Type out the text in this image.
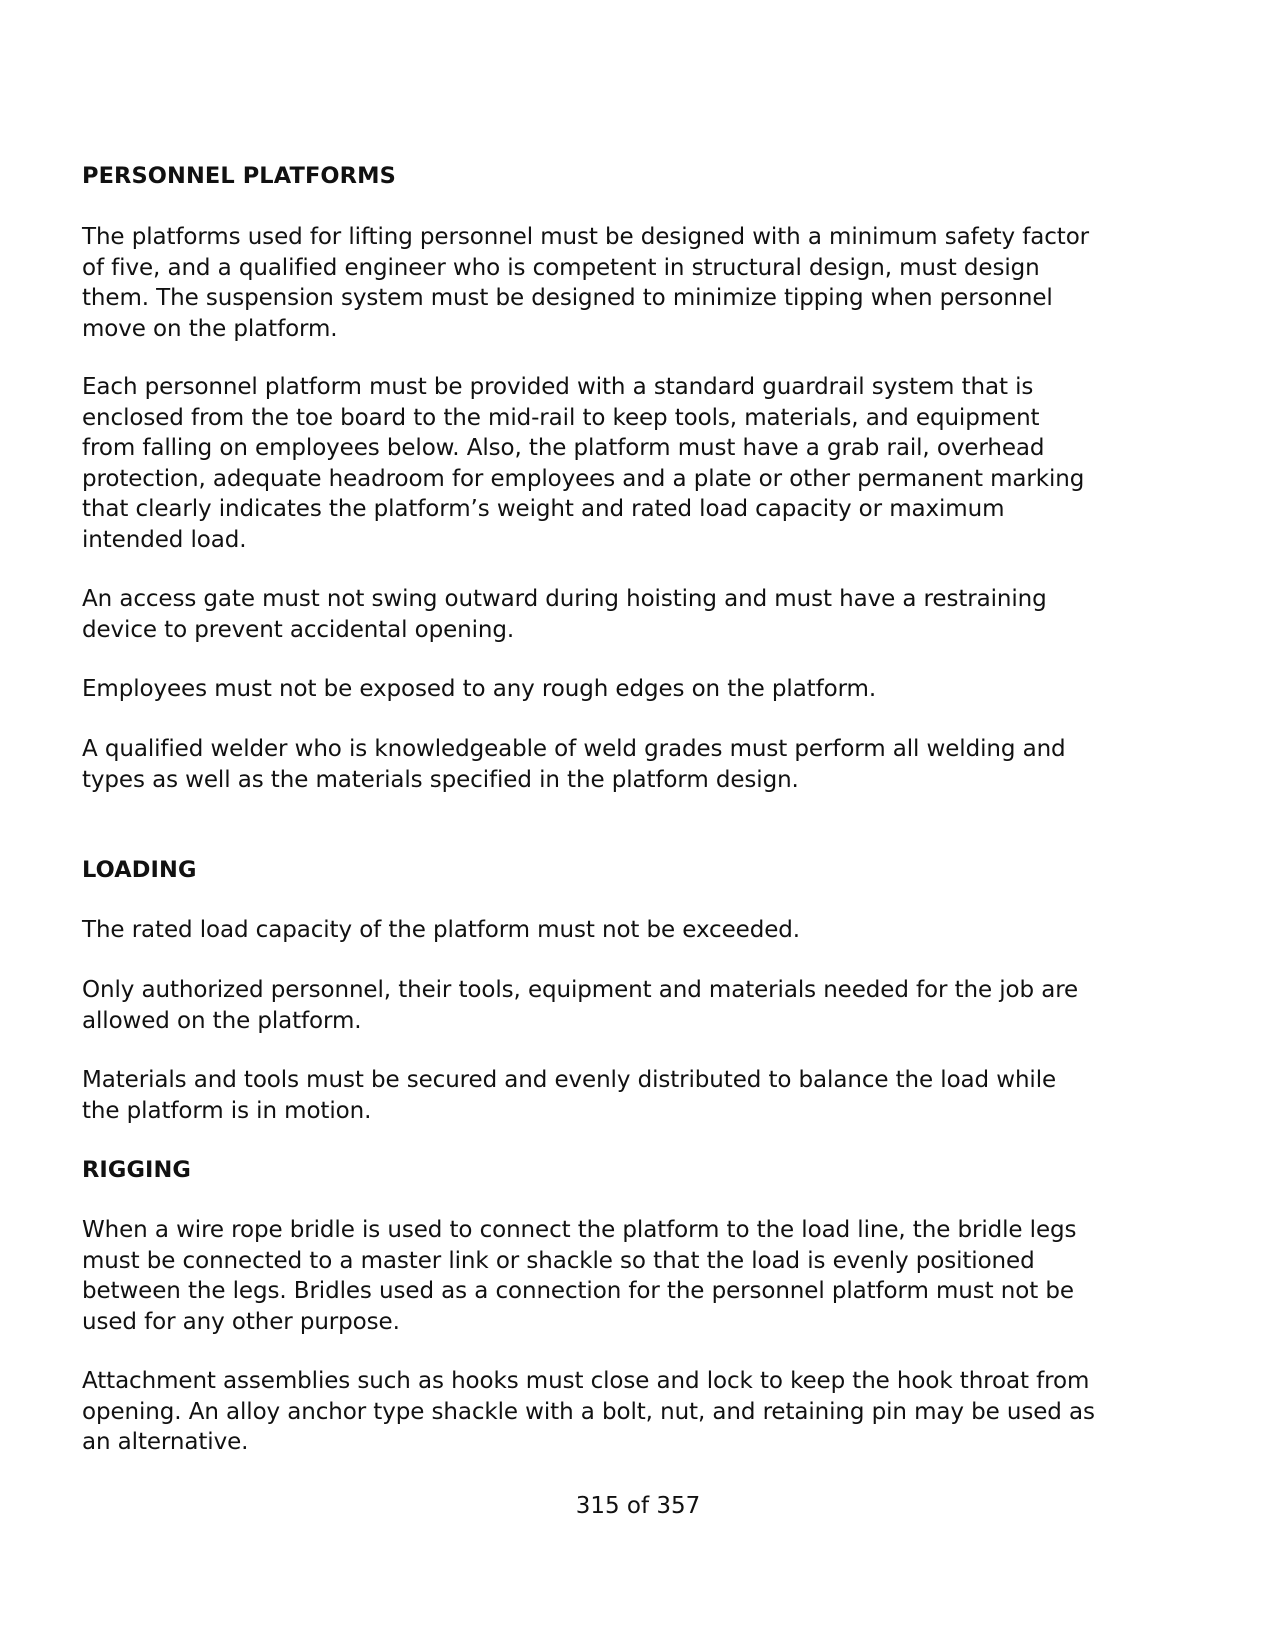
PERSONNEL PLATFORMS

The platforms used for lifting personnel must be designed with a minimum safety factor
of five, and a qualified engineer who is competent in structural design, must design
them. The suspension system must be designed to minimize tipping when personnel
move on the platform.

Each personnel platform must be provided with a standard guardrail system that is
enclosed from the toe board to the mid-rail to keep tools, materials, and equipment
from falling on employees below. Also, the platform must have a grab rail, overhead
protection, adequate headroom for employees and a plate or other permanent marking
that clearly indicates the platform’s weight and rated load capacity or maximum
intended load.

An access gate must not swing outward during hoisting and must have a restraining
device to prevent accidental opening.

Employees must not be exposed to any rough edges on the platform.

A qualified welder who is knowledgeable of weld grades must perform all welding and
types as well as the materials specified in the platform design.

LOADING

The rated load capacity of the platform must not be exceeded.

Only authorized personnel, their tools, equipment and materials needed for the job are
allowed on the platform.

Materials and tools must be secured and evenly distributed to balance the load while
the platform is in motion.

RIGGING

When a wire rope bridle is used to connect the platform to the load line, the bridle legs
must be connected to a master link or shackle so that the load is evenly positioned
between the legs. Bridles used as a connection for the personnel platform must not be
used for any other purpose.

Attachment assemblies such as hooks must close and lock to keep the hook throat from
opening. An alloy anchor type shackle with a bolt, nut, and retaining pin may be used as
an alternative.

315 of 357
